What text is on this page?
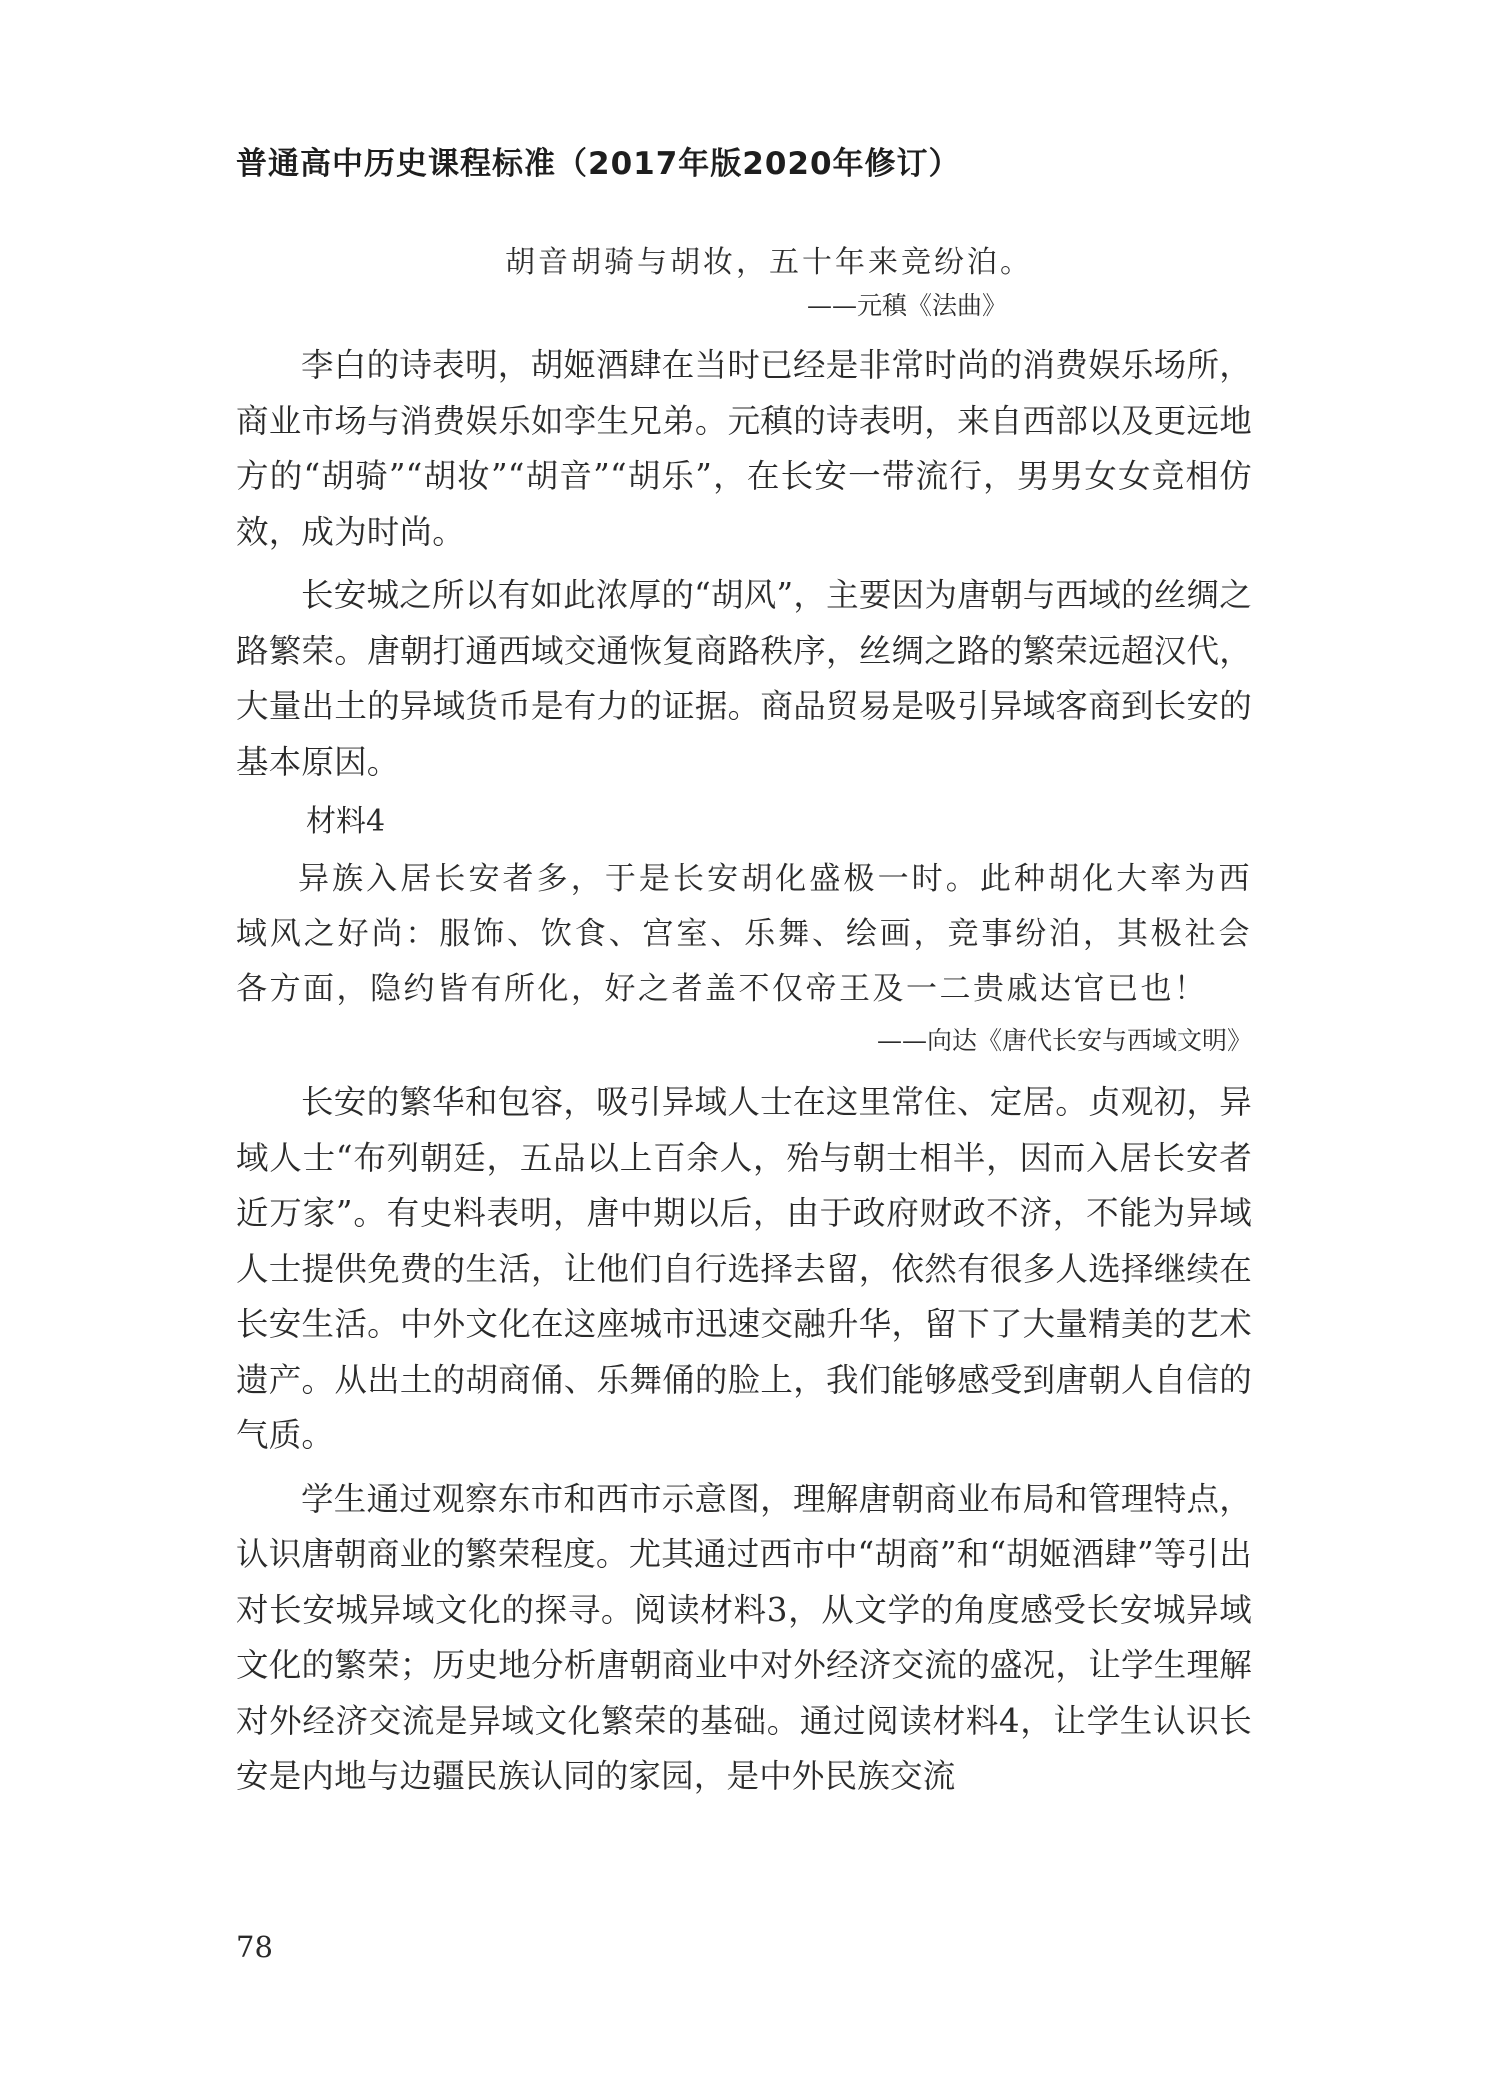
普通高中历史课程标准（2017年版2020年修订）
胡音胡骑与胡妆，五十年来竞纷泊。
——元稹《法曲》

李白的诗表明，胡姬酒肆在当时已经是非常时尚的消费娱乐场所，商业市场与消费娱乐如孪生兄弟。元稹的诗表明，来自西部以及更远地方的“胡骑”“胡妆”“胡音”“胡乐”，在长安一带流行，男男女女竞相仿效，成为时尚。

长安城之所以有如此浓厚的“胡风”，主要因为唐朝与西域的丝绸之路繁荣。唐朝打通西域交通恢复商路秩序，丝绸之路的繁荣远超汉代，大量出土的异域货币是有力的证据。商品贸易是吸引异域客商到长安的基本原因。

材料4

异族入居长安者多，于是长安胡化盛极一时。此种胡化大率为西域风之好尚：服饰、饮食、宫室、乐舞、绘画，竞事纷泊，其极社会各方面，隐约皆有所化，好之者盖不仅帝王及一二贵戚达官已也！

——向达《唐代长安与西域文明》

长安的繁华和包容，吸引异域人士在这里常住、定居。贞观初，异域人士“布列朝廷，五品以上百余人，殆与朝士相半，因而入居长安者近万家”。有史料表明，唐中期以后，由于政府财政不济，不能为异域人士提供免费的生活，让他们自行选择去留，依然有很多人选择继续在长安生活。中外文化在这座城市迅速交融升华，留下了大量精美的艺术遗产。从出土的胡商俑、乐舞俑的脸上，我们能够感受到唐朝人自信的气质。

学生通过观察东市和西市示意图，理解唐朝商业布局和管理特点，认识唐朝商业的繁荣程度。尤其通过西市中“胡商”和“胡姬酒肆”等引出对长安城异域文化的探寻。阅读材料3，从文学的角度感受长安城异域文化的繁荣；历史地分析唐朝商业中对外经济交流的盛况，让学生理解对外经济交流是异域文化繁荣的基础。通过阅读材料4，让学生认识长安是内地与边疆民族认同的家园，是中外民族交流

78
